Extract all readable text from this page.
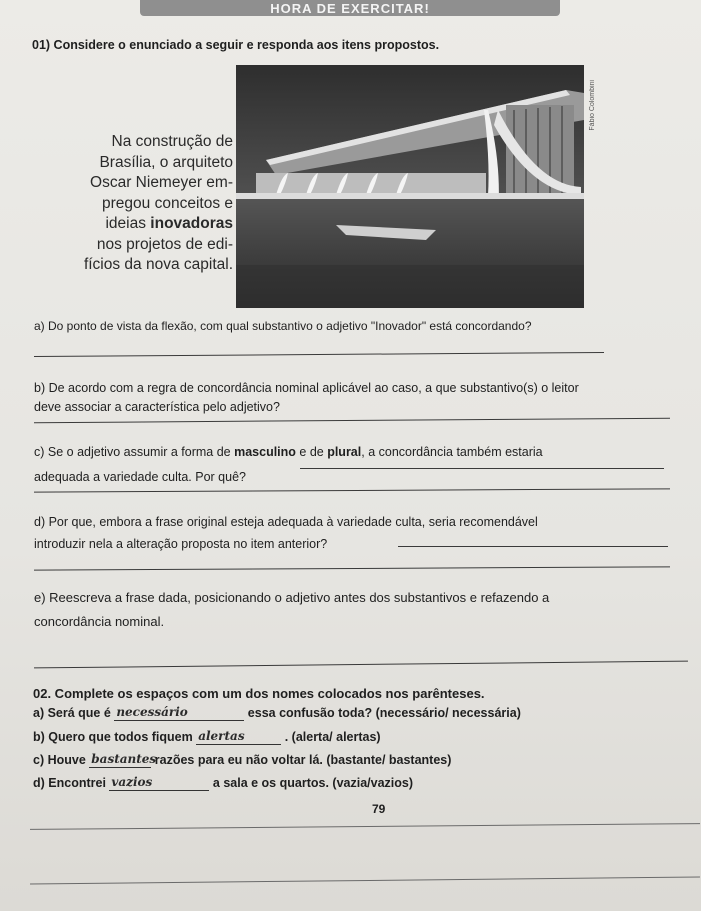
HORA DE EXERCITAR!
01) Considere o enunciado a seguir e responda aos itens propostos.
Na construção de
Brasília, o arquiteto
Oscar Niemeyer em-
pregou conceitos e
ideias inovadoras
nos projetos de edi-
fícios da nova capital.
Fábio Colombini
a) Do ponto de vista da flexão, com qual substantivo o adjetivo "Inovador" está concordando?
b) De acordo com a regra de concordância nominal aplicável ao caso, a que substantivo(s) o leitor
deve associar a característica pelo adjetivo?
c) Se o adjetivo assumir a forma de masculino e de plural, a concordância também estaria
adequada a variedade culta. Por quê?
d) Por que, embora a frase original esteja adequada à variedade culta, seria recomendável
introduzir nela a alteração proposta no item anterior?
e) Reescreva a frase dada, posicionando o adjetivo antes dos substantivos e refazendo a
concordância nominal.
02. Complete os espaços com um dos nomes colocados nos parênteses.
a) Será que é necessário	essa confusão toda? (necessário/ necessária)
b) Quero que todos fiquem alertas	. (alerta/ alertas)
c) Houve bastantes
razões para eu não voltar lá. (bastante/ bastantes)
d) Encontrei vazios	a sala e os quartos. (vazia/vazios)
79
